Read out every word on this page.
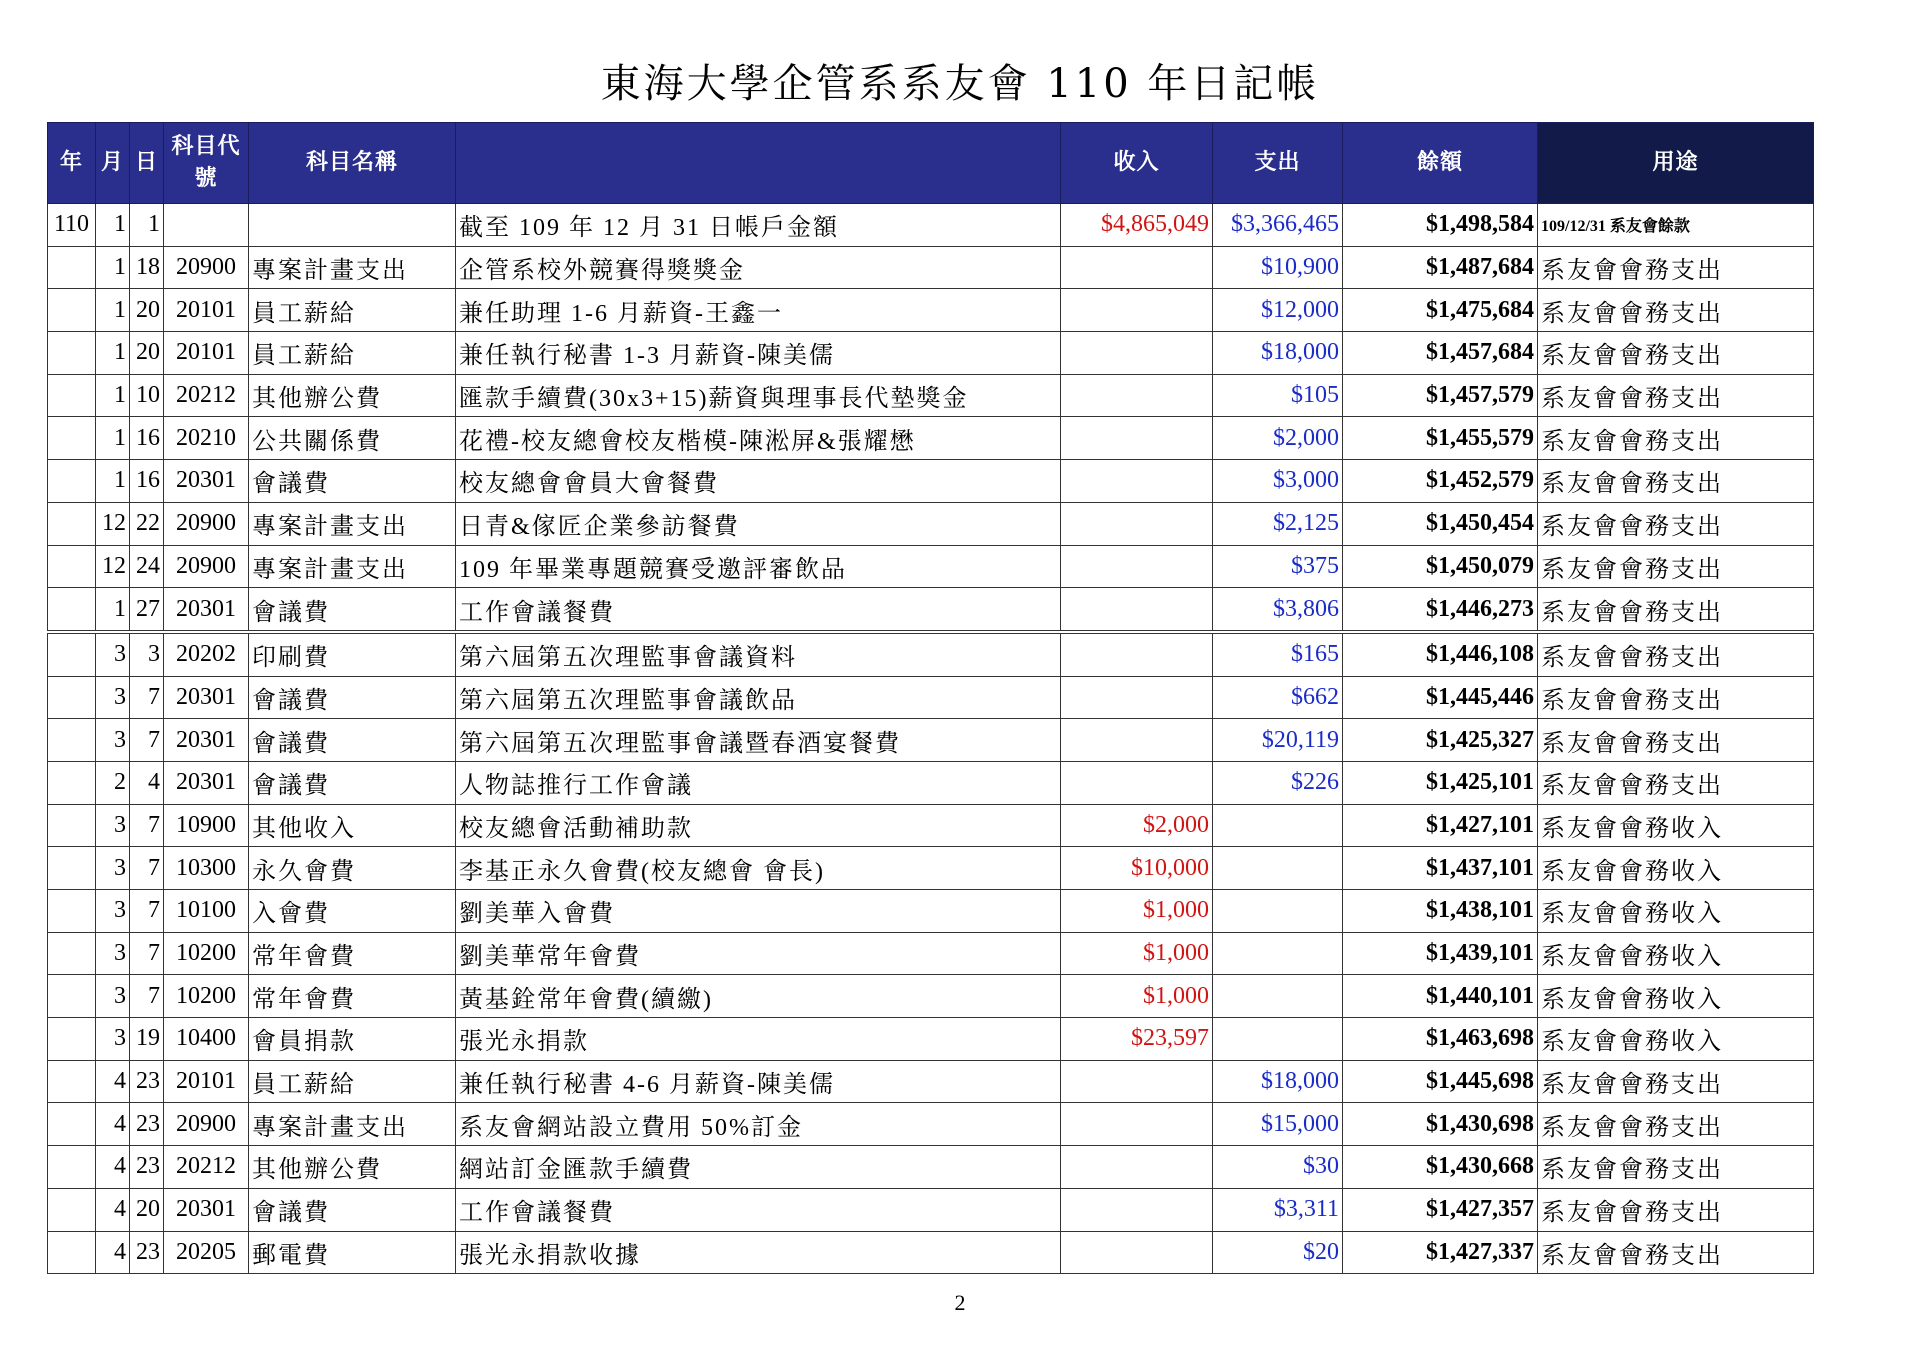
東海大學企管系系友會 110 年日記帳
年	月	日	科目代號	科目名稱		收入	支出	餘額	用途
110	1	1			截至 109 年 12 月 31 日帳戶金額	$4,865,049	$3,366,465	$1,498,584	109/12/31 系友會餘款
	1	18	20900	專案計畫支出	企管系校外競賽得獎獎金		$10,900	$1,487,684	系友會會務支出
	1	20	20101	員工薪給	兼任助理 1-6 月薪資-王鑫一		$12,000	$1,475,684	系友會會務支出
	1	20	20101	員工薪給	兼任執行秘書 1-3 月薪資-陳美儒		$18,000	$1,457,684	系友會會務支出
	1	10	20212	其他辦公費	匯款手續費(30x3+15)薪資與理事長代墊獎金		$105	$1,457,579	系友會會務支出
	1	16	20210	公共關係費	花禮-校友總會校友楷模-陳淞屏&張耀懋		$2,000	$1,455,579	系友會會務支出
	1	16	20301	會議費	校友總會會員大會餐費		$3,000	$1,452,579	系友會會務支出
	12	22	20900	專案計畫支出	日青&傢匠企業參訪餐費		$2,125	$1,450,454	系友會會務支出
	12	24	20900	專案計畫支出	109 年畢業專題競賽受邀評審飲品		$375	$1,450,079	系友會會務支出
	1	27	20301	會議費	工作會議餐費		$3,806	$1,446,273	系友會會務支出
	3	3	20202	印刷費	第六屆第五次理監事會議資料		$165	$1,446,108	系友會會務支出
	3	7	20301	會議費	第六屆第五次理監事會議飲品		$662	$1,445,446	系友會會務支出
	3	7	20301	會議費	第六屆第五次理監事會議暨春酒宴餐費		$20,119	$1,425,327	系友會會務支出
	2	4	20301	會議費	人物誌推行工作會議		$226	$1,425,101	系友會會務支出
	3	7	10900	其他收入	校友總會活動補助款	$2,000		$1,427,101	系友會會務收入
	3	7	10300	永久會費	李基正永久會費(校友總會 會長)	$10,000		$1,437,101	系友會會務收入
	3	7	10100	入會費	劉美華入會費	$1,000		$1,438,101	系友會會務收入
	3	7	10200	常年會費	劉美華常年會費	$1,000		$1,439,101	系友會會務收入
	3	7	10200	常年會費	黃基銓常年會費(續繳)	$1,000		$1,440,101	系友會會務收入
	3	19	10400	會員捐款	張光永捐款	$23,597		$1,463,698	系友會會務收入
	4	23	20101	員工薪給	兼任執行秘書 4-6 月薪資-陳美儒		$18,000	$1,445,698	系友會會務支出
	4	23	20900	專案計畫支出	系友會網站設立費用 50%訂金		$15,000	$1,430,698	系友會會務支出
	4	23	20212	其他辦公費	網站訂金匯款手續費		$30	$1,430,668	系友會會務支出
	4	20	20301	會議費	工作會議餐費		$3,311	$1,427,357	系友會會務支出
	4	23	20205	郵電費	張光永捐款收據		$20	$1,427,337	系友會會務支出
2
